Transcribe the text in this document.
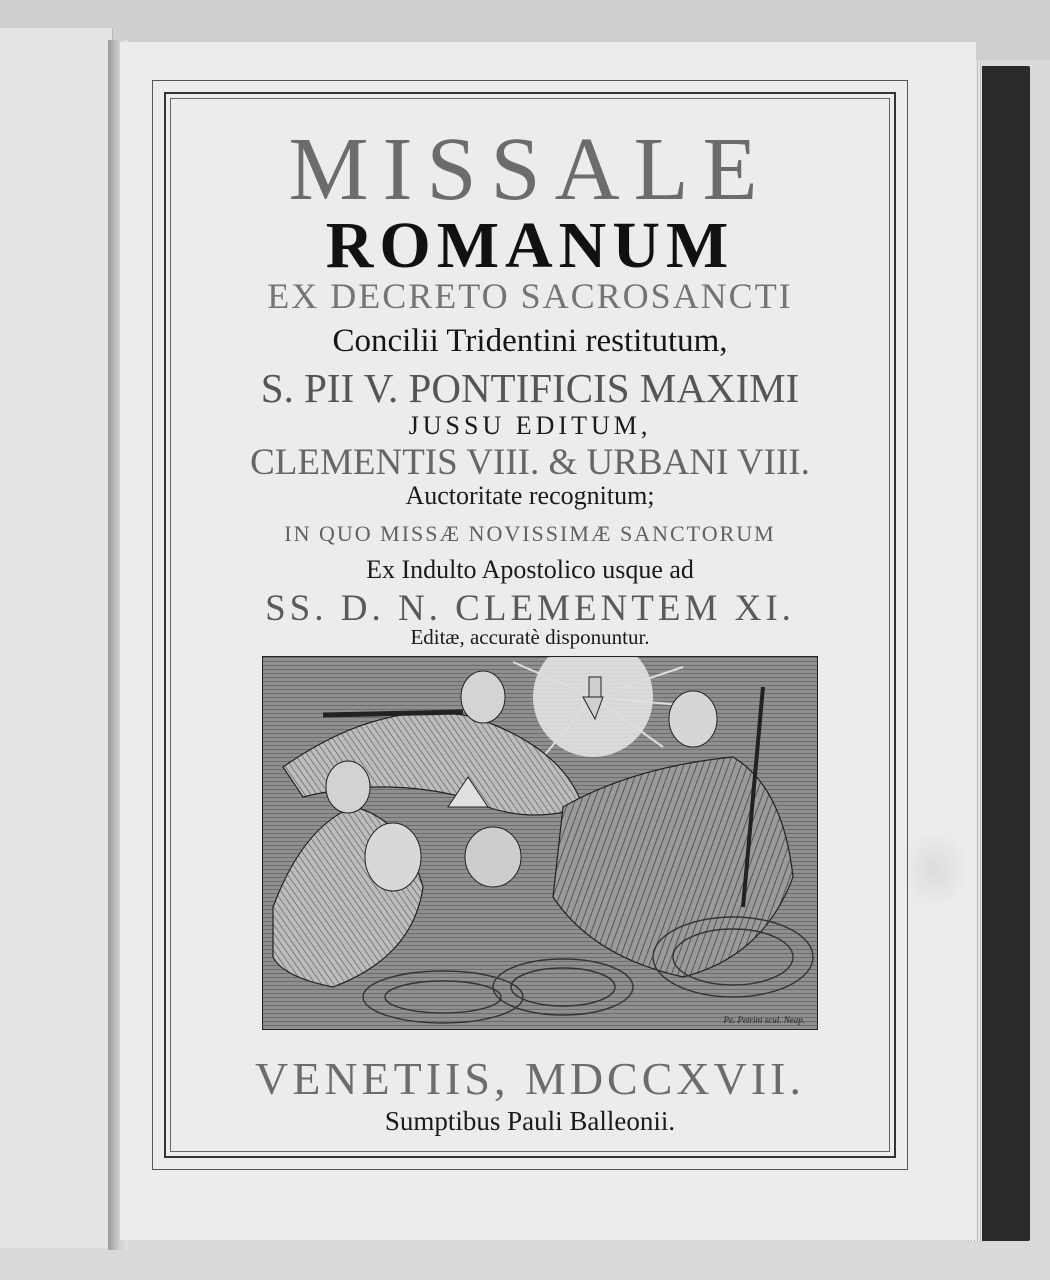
MISSALE
ROMANUM
EX DECRETO SACROSANCTI
Concilii Tridentini restitutum,
S. PII V. PONTIFICIS MAXIMI
JUSSU EDITUM,
CLEMENTIS VIII. & URBANI VIII.
Auctoritate recognitum;
IN QUO MISSÆ NOVISSIMÆ SANCTORUM
Ex Indulto Apostolico usque ad
SS. D. N. CLEMENTEM XI.
Editæ, accuratè disponuntur.
Pe. Petrini scul. Neap.
VENETIIS, MDCCXVII.
Sumptibus Pauli Balleonii.
